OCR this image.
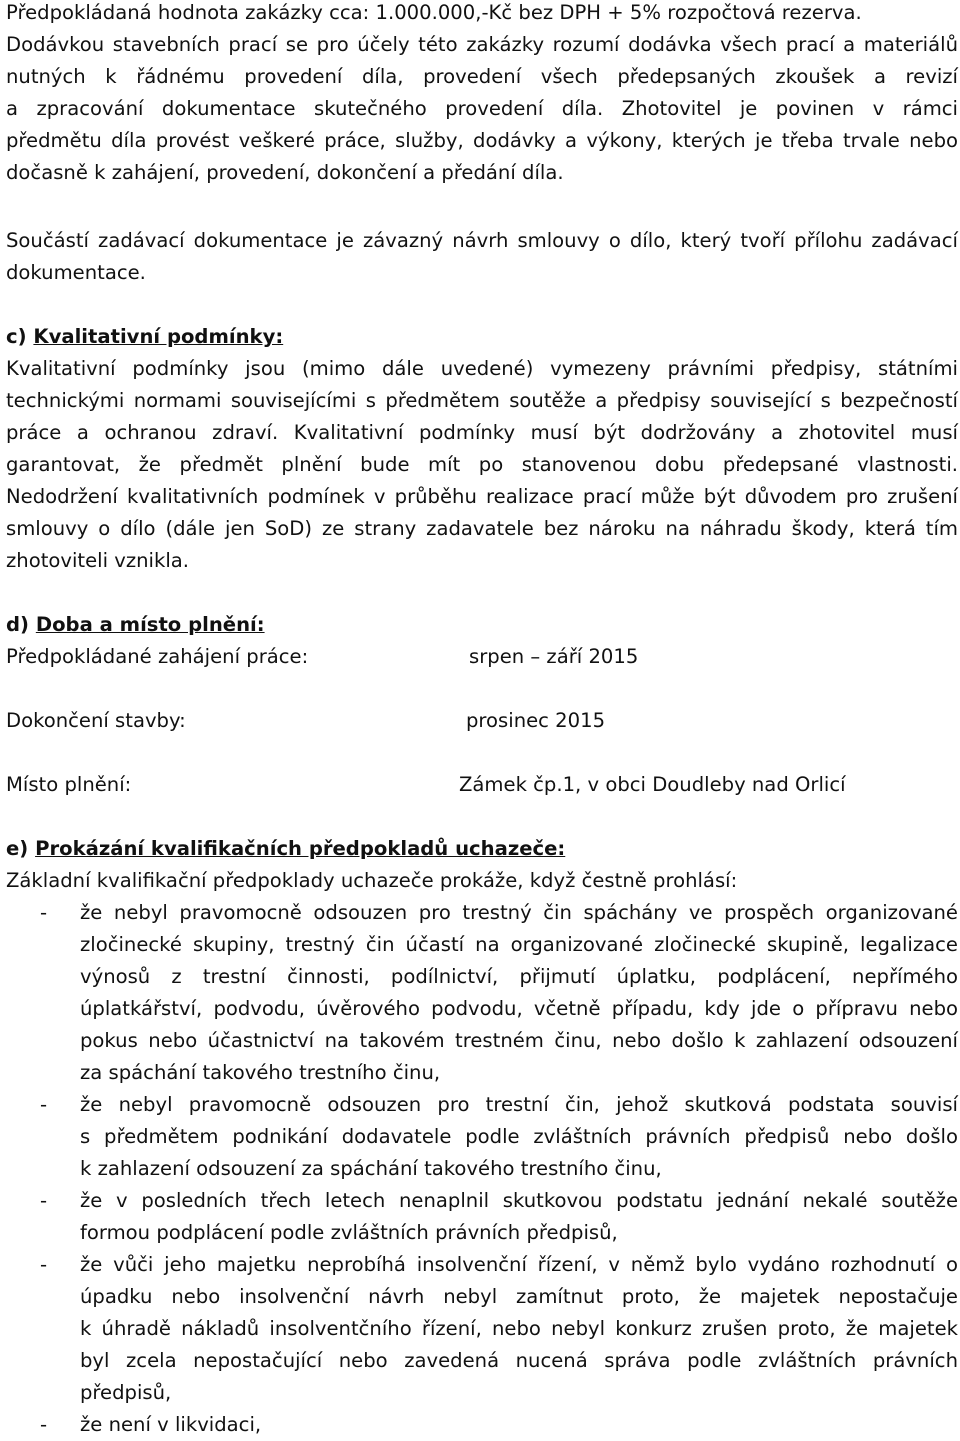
Předpokládaná hodnota zakázky cca: 1.000.000,-Kč bez DPH + 5% rozpočtová rezerva.
Dodávkou stavebních prací se pro účely této zakázky rozumí dodávka všech prací a materiálů
nutných k řádnému provedení díla, provedení všech předepsaných zkoušek a revizí
a zpracování dokumentace skutečného provedení díla. Zhotovitel je povinen v rámci
předmětu díla provést veškeré práce, služby, dodávky a výkony, kterých je třeba trvale nebo
dočasně k zahájení, provedení, dokončení a předání díla.
Součástí zadávací dokumentace je závazný návrh smlouvy o dílo, který tvoří přílohu zadávací
dokumentace.
c) Kvalitativní podmínky:
Kvalitativní podmínky jsou (mimo dále uvedené) vymezeny právními předpisy, státními
technickými normami souvisejícími s předmětem soutěže a předpisy související s bezpečností
práce a ochranou zdraví. Kvalitativní podmínky musí být dodržovány a zhotovitel musí
garantovat, že předmět plnění bude mít po stanovenou dobu předepsané vlastnosti.
Nedodržení kvalitativních podmínek v průběhu realizace prací může být důvodem pro zrušení
smlouvy o dílo (dále jen SoD) ze strany zadavatele bez nároku na náhradu škody, která tím
zhotoviteli vznikla.
d) Doba a místo plnění:
Předpokládané zahájení práce:	srpen – září 2015
Dokončení stavby:	prosinec 2015
Místo plnění:	Zámek čp.1, v obci Doudleby nad Orlicí
e) Prokázání kvalifikačních předpokladů uchazeče:
Základní kvalifikační předpoklady uchazeče prokáže, když čestně prohlásí:
- že nebyl pravomocně odsouzen pro trestný čin spáchány ve prospěch organizované
zločinecké skupiny, trestný čin účastí na organizované zločinecké skupině, legalizace
výnosů z trestní činnosti, podílnictví, přijmutí úplatku, podplácení, nepřímého
úplatkářství, podvodu, úvěrového podvodu, včetně případu, kdy jde o přípravu nebo
pokus nebo účastnictví na takovém trestném činu, nebo došlo k zahlazení odsouzení
za spáchání takového trestního činu,
- že nebyl pravomocně odsouzen pro trestní čin, jehož skutková podstata souvisí
s předmětem podnikání dodavatele podle zvláštních právních předpisů nebo došlo
k zahlazení odsouzení za spáchání takového trestního činu,
- že v posledních třech letech nenaplnil skutkovou podstatu jednání nekalé soutěže
formou podplácení podle zvláštních právních předpisů,
- že vůči jeho majetku neprobíhá insolvenční řízení, v němž bylo vydáno rozhodnutí o
úpadku nebo insolvenční návrh nebyl zamítnut proto, že majetek nepostačuje
k úhradě nákladů insolventčního řízení, nebo nebyl konkurz zrušen proto, že majetek
byl zcela nepostačující nebo zavedená nucená správa podle zvláštních právních
předpisů,
- že není v likvidaci,
